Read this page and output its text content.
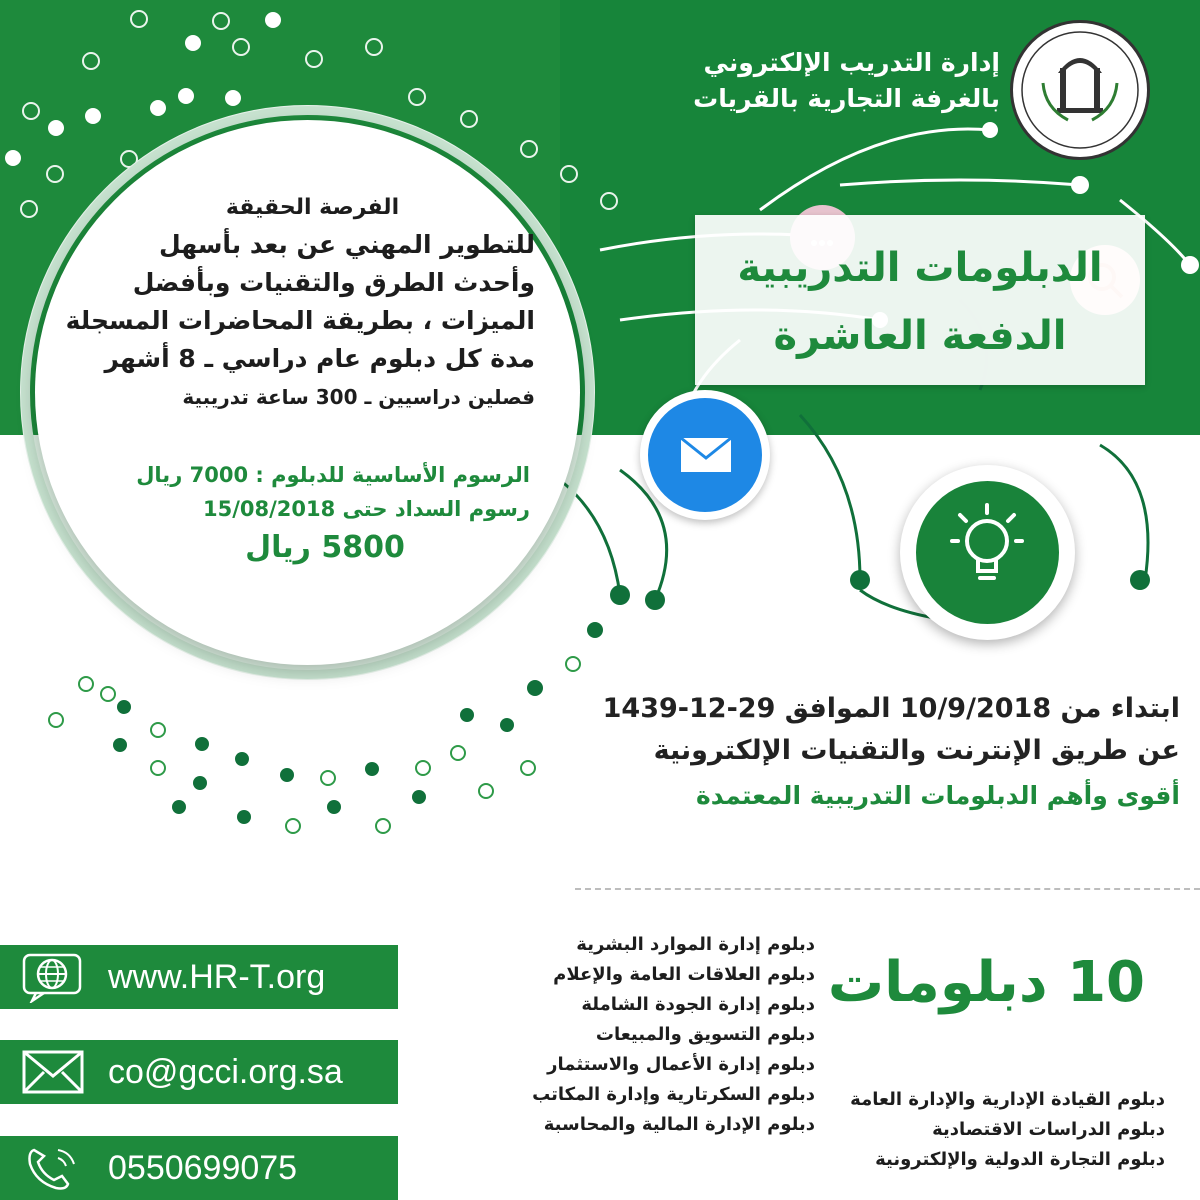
إدارة التدريب الإلكتروني
بالغرفة التجارية بالقريات
الدبلومات التدريبية
الدفعة العاشرة
الفرصة الحقيقة
للتطوير المهني عن بعد بأسهل
وأحدث الطرق والتقنيات وبأفضل
الميزات ، بطريقة المحاضرات المسجلة
مدة كل دبلوم عام دراسي ـ 8 أشهر
فصلين دراسيين ـ 300 ساعة تدريبية
الرسوم الأساسية للدبلوم : 7000 ريال
رسوم السداد حتى 15/08/2018
5800 ريال
ابتداء من 10/9/2018 الموافق 29-12-1439
عن طريق الإنترنت والتقنيات الإلكترونية
أقوى وأهم الدبلومات التدريبية المعتمدة
www.HR-T.org
co@gcci.org.sa
0550699075
10 دبلومات
دبلوم إدارة الموارد البشرية
دبلوم العلاقات العامة والإعلام
دبلوم إدارة الجودة الشاملة
دبلوم التسويق والمبيعات
دبلوم إدارة الأعمال والاستثمار
دبلوم السكرتارية وإدارة المكاتب
دبلوم الإدارة المالية والمحاسبة
دبلوم القيادة الإدارية والإدارة العامة
دبلوم الدراسات الاقتصادية
دبلوم التجارة الدولية والإلكترونية
